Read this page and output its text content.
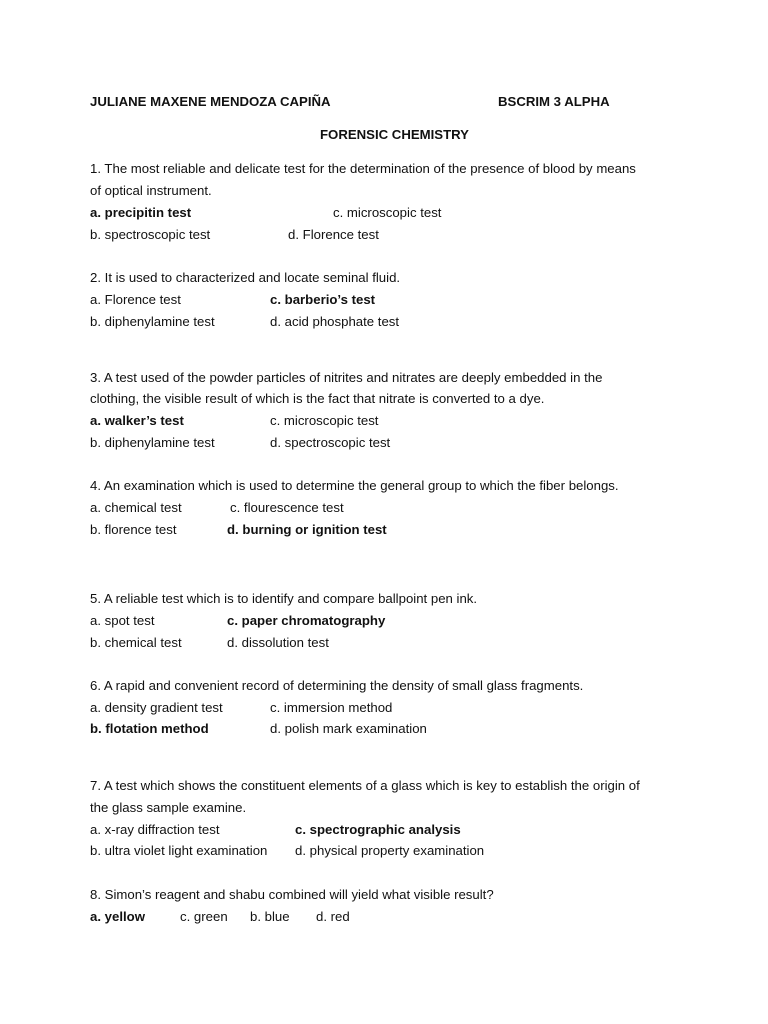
JULIANE MAXENE MENDOZA CAPIÑA	BSCRIM 3 ALPHA
FORENSIC CHEMISTRY
1. The most reliable and delicate test for the determination of the presence of blood by means
of optical instrument.
a. precipitin test	c. microscopic test
b. spectroscopic test	d. Florence test
2. It is used to characterized and locate seminal fluid.
a. Florence test	c. barberio’s test
b. diphenylamine test	d. acid phosphate test
3. A test used of the powder particles of nitrites and nitrates are deeply embedded in the
clothing, the visible result of which is the fact that nitrate is converted to a dye.
a. walker’s test	c. microscopic test
b. diphenylamine test	d. spectroscopic test
4. An examination which is used to determine the general group to which the fiber belongs.
a. chemical test	c. flourescence test
b. florence test	d. burning or ignition test
5. A reliable test which is to identify and compare ballpoint pen ink.
a. spot test	c. paper chromatography
b. chemical test	d. dissolution test
6. A rapid and convenient record of determining the density of small glass fragments.
a. density gradient test	c. immersion method
b. flotation method	d. polish mark examination
7. A test which shows the constituent elements of a glass which is key to establish the origin of
the glass sample examine.
a. x-ray diffraction test	c. spectrographic analysis
b. ultra violet light examination d. physical property examination
8. Simon’s reagent and shabu combined will yield what visible result?
a. yellow	c. green b. blue d. red
